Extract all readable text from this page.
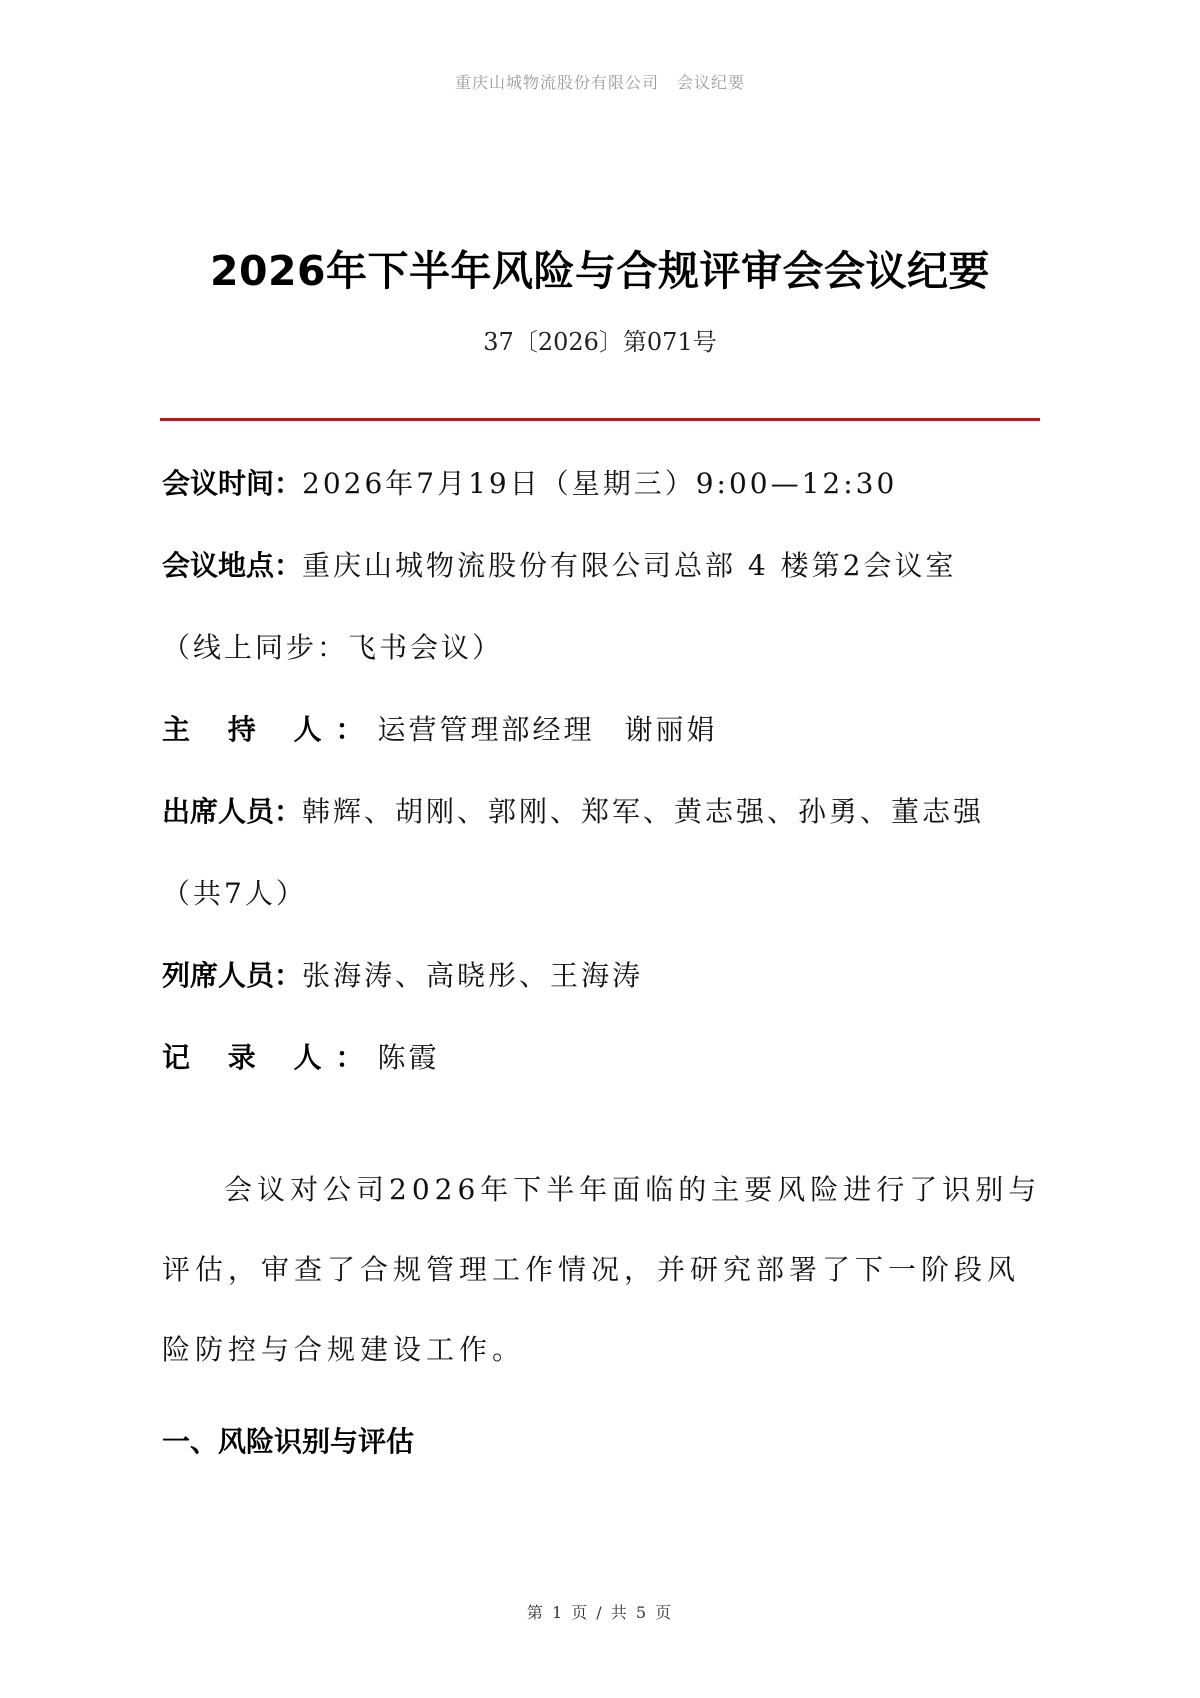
重庆山城物流股份有限公司 会议纪要
2026年下半年风险与合规评审会会议纪要
37〔2026〕第071号
会议时间：2026年7月19日（星期三）9:00—12:30
会议地点：重庆山城物流股份有限公司总部 4 楼第2会议室
（线上同步：飞书会议）
主 持 人：运营管理部经理 谢丽娟
出席人员：韩辉、胡刚、郭刚、郑军、黄志强、孙勇、董志强
（共7人）
列席人员：张海涛、高晓彤、王海涛
记 录 人：陈霞

会议对公司2026年下半年面临的主要风险进行了识别与评估，审查了合规管理工作情况，并研究部署了下一阶段风险防控与合规建设工作。

一、风险识别与评估
第 1 页 / 共 5 页
